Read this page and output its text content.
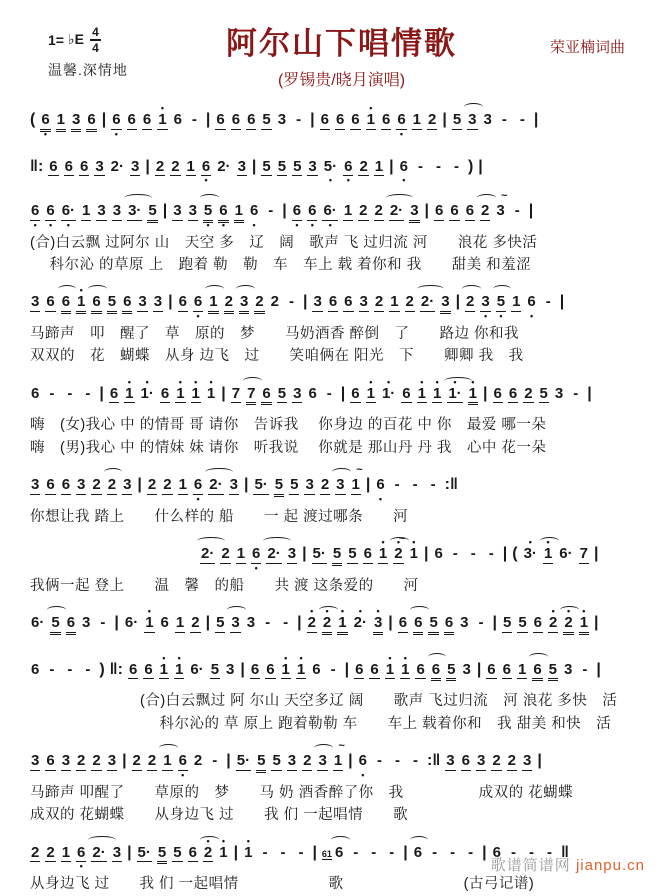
1= ♭E 4
4
温馨.深情地
阿尔山下唱情歌
(罗锡贵/晓月演唱)
荣亚楠词曲
( 6
•
1 3 6 | 6
•
6 6 1
•
6 - | 6 6 6 5 3 - | 6 6 6 1
•
6 6
•
1 2 | 5 3 3 - - |
‖: 6 6 6 3 2· 3 | 2 2 1 6
•
2· 3 | 5 5 5 3 5·
•
6
•
2 1 | 6
•
- - - ) |
6
•
6
•
6·
•
1 3 3 3· 5 | 3 3 5
•
6
•
1 6
•
- | 6
•
6
•
6·
•
1 2 2 2· 3 | 6 6 6 2 3
~
- |
(合)白云飘 过阿尔 山　天空 多　辽　阔　歌声 飞 过归流 河　　浪花 多快活
　 科尔沁 的草原 上　跑着 勒　勒　车　车上 载 着你和 我　　甜美 和羞涩
3 6 6 1
•
6 5 6 3 3 | 6 6
•
1 2 3 2 2 - | 3 6 6 3 2 1 2 2· 3 | 2 3
•
5
•
1 6
•
- |
马蹄声　叩　醒了　草　原的　梦　　马奶酒香 醉倒　了　　路边 你和我
双双的　花　蝴蝶　从身 边飞　过　　笑咱俩在 阳光　下　　卿卿 我　我
6 - - - | 6 1
•
1·
•
6 1
•
1
•
1
•
| 7 7 6 5 3 6 - | 6 1
•
1·
•
6 1
•
1
•
1·
•
1
•
| 6 6 2 5 3 - |
嗨　(女)我心 中 的情哥 哥 请你　告诉我　 你身边 的百花 中 你　最爱 哪一朵
嗨　(男)我心 中 的情妹 妹 请你　听我说　 你就是 那山丹 丹 我　心中 花一朵
3 6 6 3 2 2 3 | 2 2 1 6
•
2· 3 | 5· 5 5 3 2 3 1
~
| 6
•
- - - :‖
你想让我 踏上　　什么样的 船　　一 起 渡过哪条　　河
2· 2 1 6
•
2· 3 | 5· 5 5 6 1
•
2
•
~
1
•
| 6 - - - | ( 3·
•
1
•
6· 7 |
我俩一起 登上　　温　馨　的船　　共 渡 这条爱的　　河
6· 5 6 3 - | 6· 1
•
6 1 2 | 5 3 3 - - | 2
•
2
•
1
•
2·
•
3
•
| 6 6 5 6 3 - | 5 5 6 2
•
2
•
1
•
|
6 - - - ) ‖: 6 6 1
•
1
•
6· 5 3 | 6 6 1
•
1
•
6 - | 6 6 1
•
1
•
6 6 5 3 | 6 6 1 6 5 3 - |
(合)白云飘过 阿 尔山 天空多辽 阔　　歌声 飞过归流　河 浪花 多快　活
　 科尔沁的 草 原上 跑着勒勒 车　　车上 载着你和　我 甜美 和快　活
3 6 3 2 2 3 | 2 2 1 6
•
2 - | 5· 5 5 3 2 3 1
~
| 6
•
- - - :‖ 3 6 3 2 2 3 |
马蹄声 叩醒了　　草原的　梦　　马 奶 酒香醉了你　我　　　　　成双的 花蝴蝶
成双的 花蝴蝶　　从身边飞 过　　我 们 一起唱情　　歌
2 2 1 6
•
2· 3 | 5· 5 5 6 2
•
1
•
| 1
•
- - - | 61 6 - - - | 6 - - - | 6 - - - ‖
从身边飞 过　　我 们 一起唱情　　　　　　歌　　　　　　　　(古弓记谱)
歌谱简谱网 jianpu.cn
